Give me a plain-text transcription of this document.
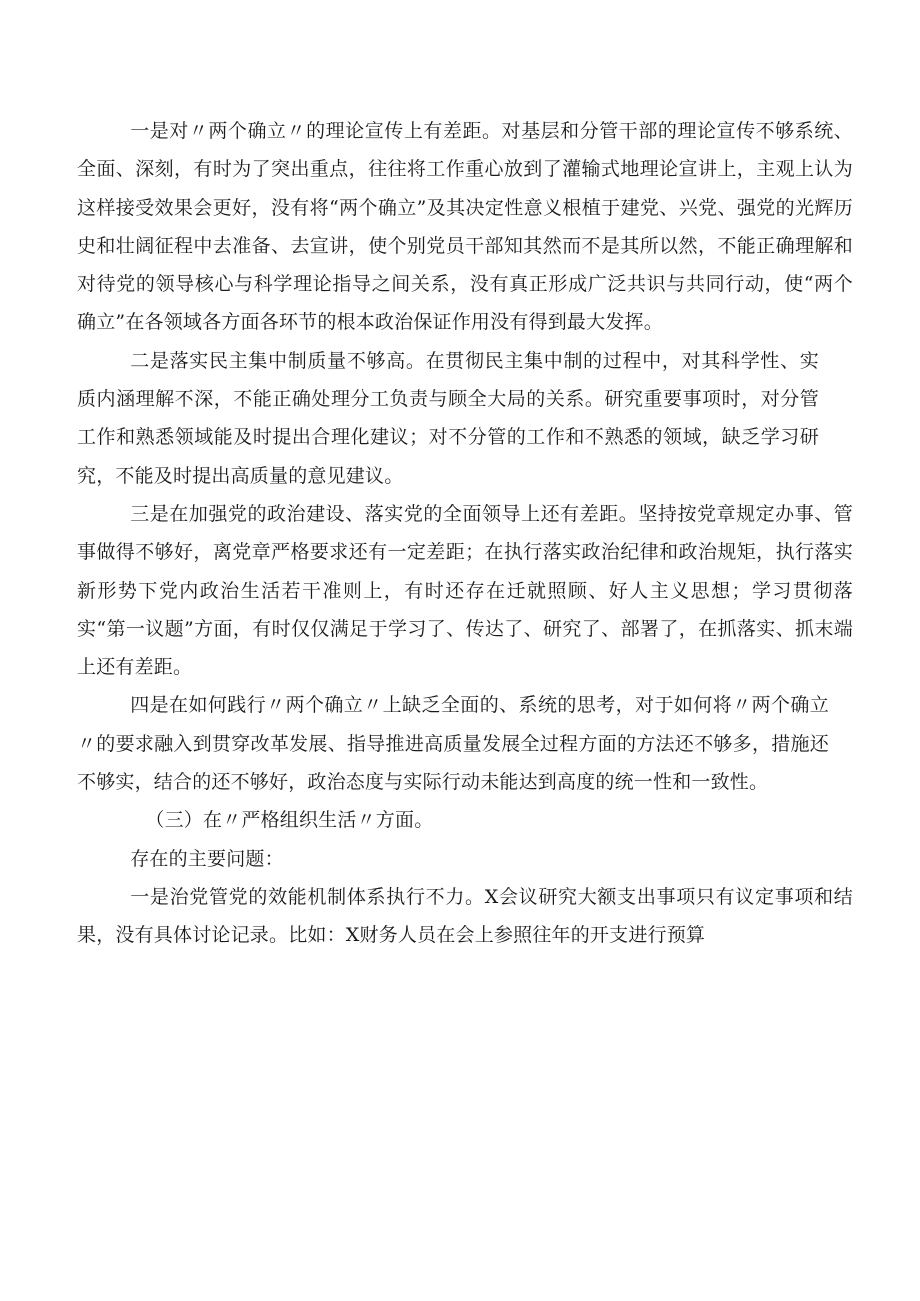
一是对〃两个确立〃的理论宣传上有差距。对基层和分管干部的理论宣传不够系统、全面、深刻，有时为了突出重点，往往将工作重心放到了灌输式地理论宣讲上，主观上认为这样接受效果会更好，没有将“两个确立”及其决定性意义根植于建党、兴党、强党的光辉历史和壮阔征程中去准备、去宣讲，使个别党员干部知其然而不是其所以然，不能正确理解和对待党的领导核心与科学理论指导之间关系，没有真正形成广泛共识与共同行动，使“两个确立”在各领域各方面各环节的根本政治保证作用没有得到最大发挥。

二是落实民主集中制质量不够高。在贯彻民主集中制的过程中，对其科学性、实质内涵理解不深，不能正确处理分工负责与顾全大局的关系。研究重要事项时，对分管工作和熟悉领域能及时提出合理化建议；对不分管的工作和不熟悉的领域，缺乏学习研究，不能及时提出高质量的意见建议。

三是在加强党的政治建设、落实党的全面领导上还有差距。坚持按党章规定办事、管事做得不够好，离党章严格要求还有一定差距；在执行落实政治纪律和政治规矩，执行落实新形势下党内政治生活若干准则上，有时还存在迁就照顾、好人主义思想；学习贯彻落实“第一议题”方面，有时仅仅满足于学习了、传达了、研究了、部署了，在抓落实、抓末端上还有差距。

四是在如何践行〃两个确立〃上缺乏全面的、系统的思考，对于如何将〃两个确立〃的要求融入到贯穿改革发展、指导推进高质量发展全过程方面的方法还不够多，措施还不够实，结合的还不够好，政治态度与实际行动未能达到高度的统一性和一致性。

（三）在〃严格组织生活〃方面。

存在的主要问题：

一是治党管党的效能机制体系执行不力。X会议研究大额支出事项只有议定事项和结果，没有具体讨论记录。比如：X财务人员在会上参照往年的开支进行预算
